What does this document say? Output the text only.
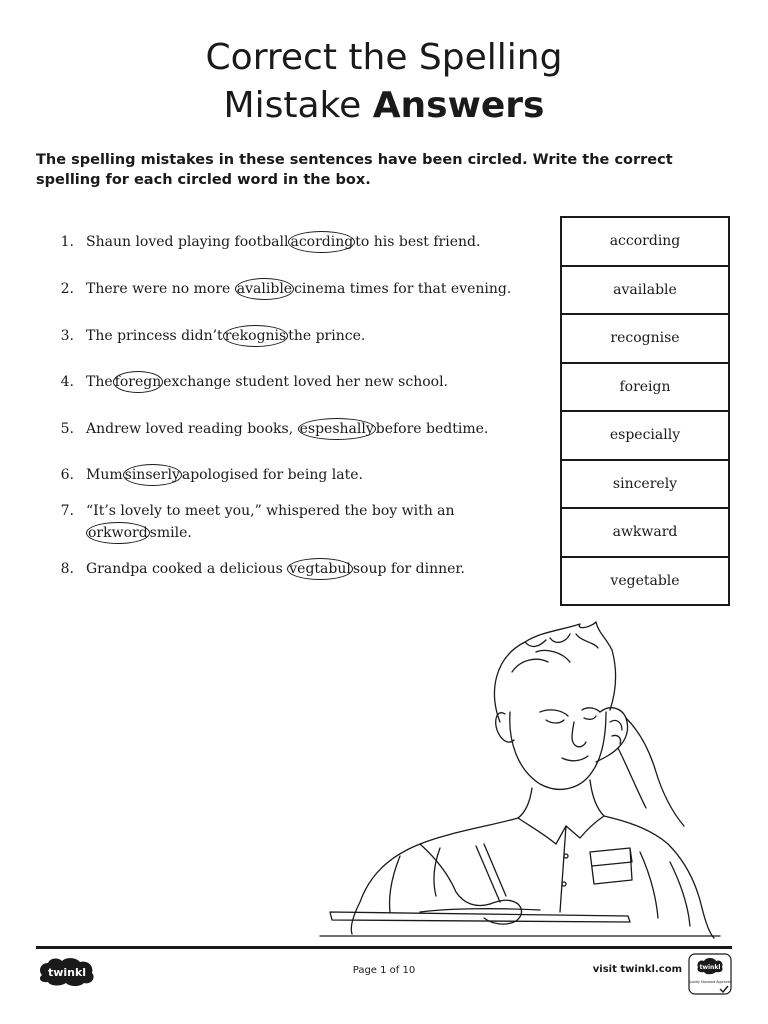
Correct the Spelling
Mistake Answers
The spelling mistakes in these sentences have been circled. Write the correct spelling for each circled word in the box.
1. Shaun loved playing football acording to his best friend.
2. There were no more avalible cinema times for that evening.
3. The princess didn’t rekognis the prince.
4. The foregn exchange student loved her new school.
5. Andrew loved reading books, espeshally before bedtime.
6. Mum sinserly apologised for being late.
7. “It’s lovely to meet you,” whispered the boy with an
orkword smile.
8. Grandpa cooked a delicious vegtabul soup for dinner.
according
available
recognise
foreign
especially
sincerely
awkward
vegetable
twinkl	Page 1 of 10	visit twinkl.com	twinkl
Quality Standard Approved
